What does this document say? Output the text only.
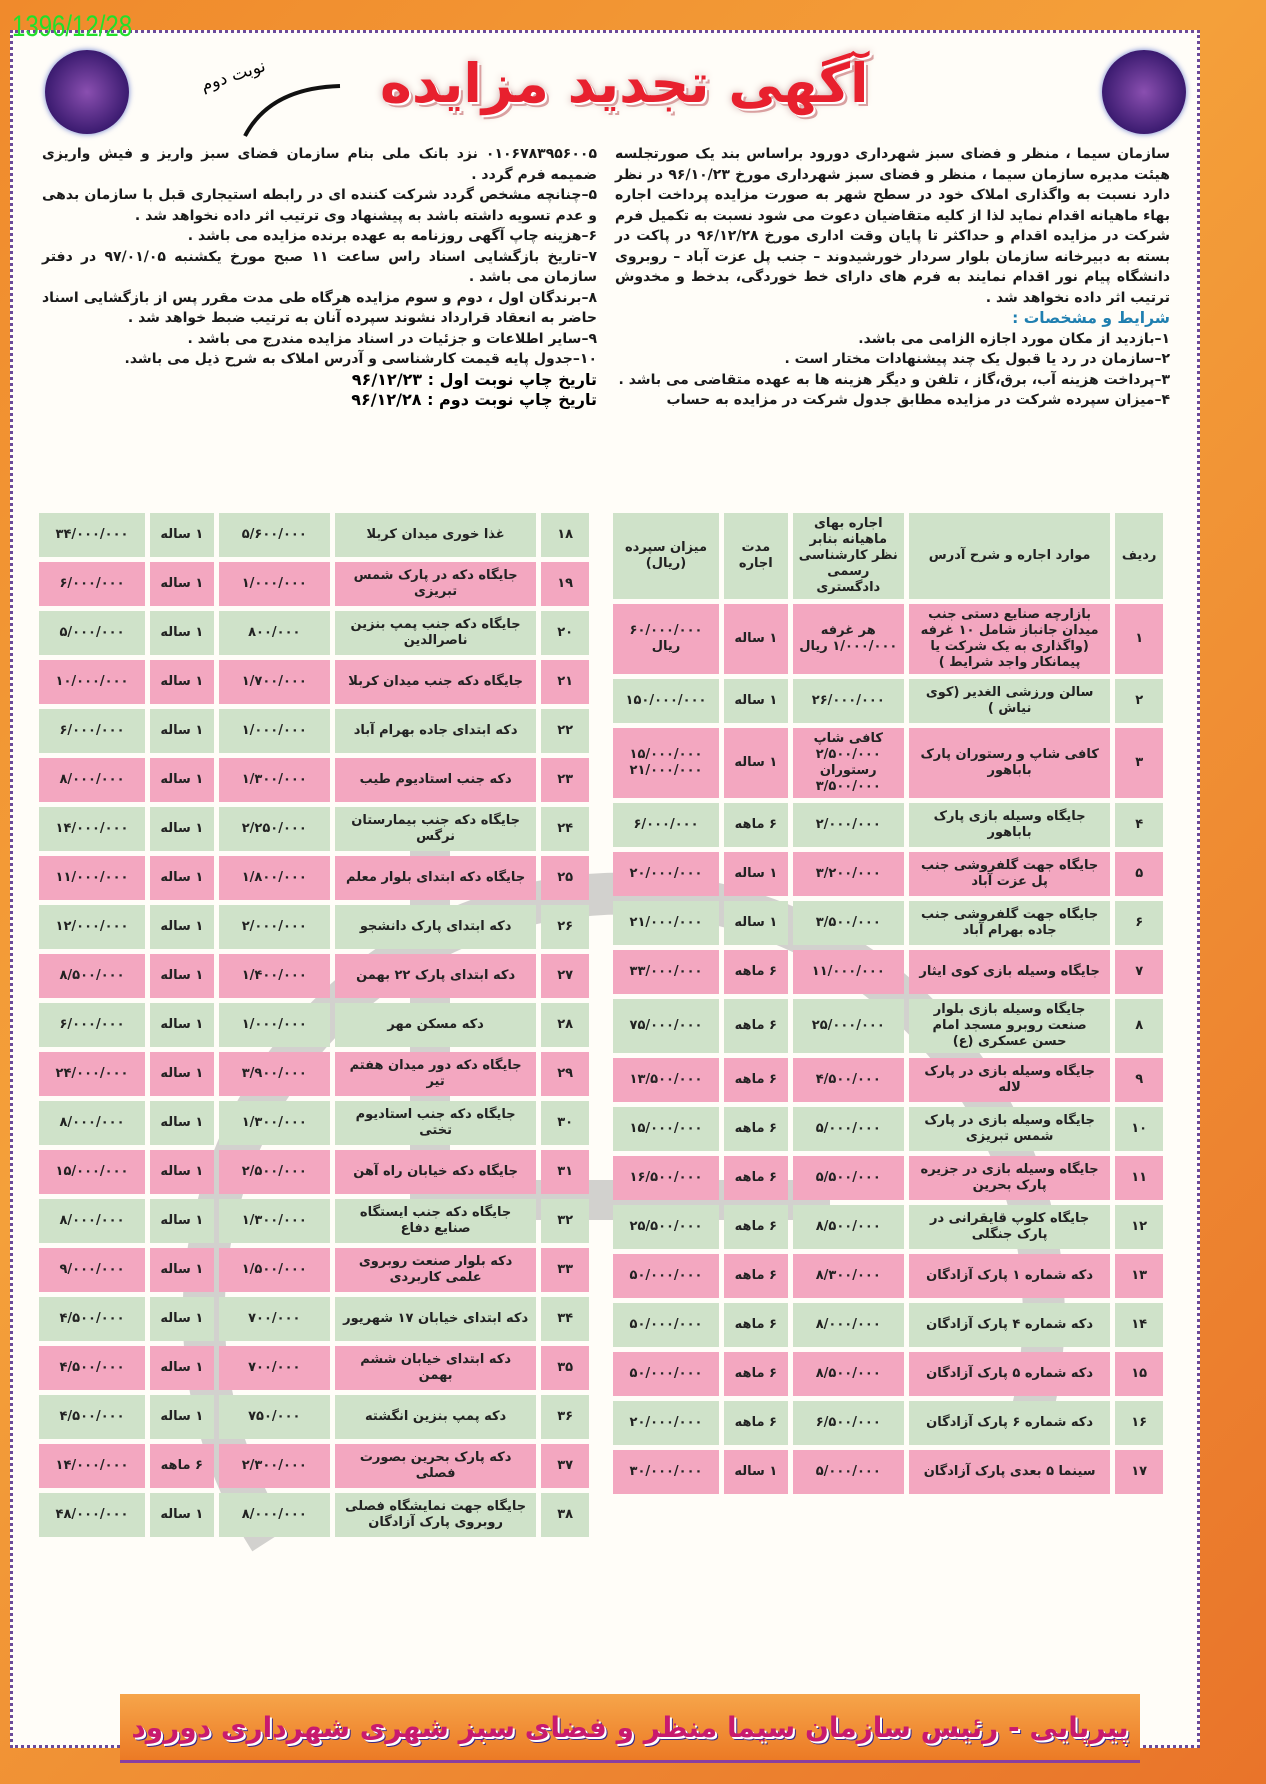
1396/12/28
نوبت دوم آگهی تجدید مزایده

سازمان سیما ، منظر و فضای سبز شهرداری دورود براساس بند یک صورتجلسه هیئت مدیره سازمان سیما ، منظر و فضای سبز شهرداری مورخ ۹۶/۱۰/۲۳ در نظر دارد نسبت به واگذاری املاک خود در سطح شهر به صورت مزایده پرداخت اجاره بهاء ماهیانه اقدام نماید لذا از کلیه متقاضیان دعوت می شود نسبت به تکمیل فرم شرکت در مزایده اقدام و حداکثر تا پایان وقت اداری مورخ ۹۶/۱۲/۲۸ در پاکت در بسته به دبیرخانه سازمان بلوار سردار خورشیدوند – جنب پل عزت آباد – روبروی دانشگاه پیام نور اقدام نمایند به فرم های دارای خط خوردگی، بدخط و مخدوش ترتیب اثر داده نخواهد شد .

شرایط و مشخصات :

۱–بازدید از مکان مورد اجازه الزامی می باشد.

۲–سازمان در رد یا قبول یک چند پیشنهادات مختار است .

۳–پرداخت هزینه آب، برق،گاز ، تلفن و دیگر هزینه ها به عهده متقاضی می باشد .

۴–میزان سپرده شرکت در مزایده مطابق جدول شرکت در مزایده به حساب

۰۱۰۶۷۸۳۹۵۶۰۰۵ نزد بانک ملی بنام سازمان فضای سبز واریز و فیش واریزی ضمیمه فرم گردد .

۵–چنانچه مشخص گردد شرکت کننده ای در رابطه استیجاری قبل با سازمان بدهی و عدم تسویه داشته باشد به پیشنهاد وی ترتیب اثر داده نخواهد شد .

۶–هزینه چاپ آگهی روزنامه به عهده برنده مزایده می باشد .

۷–تاریخ بازگشایی اسناد راس ساعت ۱۱ صبح مورخ یکشنبه ۹۷/۰۱/۰۵ در دفتر سازمان می باشد .

۸–برندگان اول ، دوم و سوم مزایده هرگاه طی مدت مقرر پس از بازگشایی اسناد حاضر به انعقاد قرارداد نشوند سپرده آنان به ترتیب ضبط خواهد شد .

۹–سایر اطلاعات و جزئیات در اسناد مزایده مندرج می باشد .

۱۰–جدول پایه قیمت کارشناسی و آدرس املاک به شرح ذیل می باشد.

تاریخ چاپ نوبت اول : ۹۶/۱۲/۲۳

تاریخ چاپ نوبت دوم : ۹۶/۱۲/۲۸

ردیف	موارد اجاره و شرح آدرس	اجاره بهای ماهیانه بنابر نظر کارشناسی رسمی دادگستری	مدت اجاره	میزان سپرده (ریال)
۱	بازارچه صنایع دستی جنب میدان جانباز شامل ۱۰ غرفه (واگذاری به یک شرکت یا پیمانکار واجد شرایط )	هر غرفه ۱/۰۰۰/۰۰۰ ریال	۱ ساله	۶۰/۰۰۰/۰۰۰ ریال
۲	سالن ورزشی الغدیر (کوی نیاش )	۲۶/۰۰۰/۰۰۰	۱ ساله	۱۵۰/۰۰۰/۰۰۰
۳	کافی شاپ و رستوران پارک باباهور	کافی شاپ ۲/۵۰۰/۰۰۰ رستوران ۳/۵۰۰/۰۰۰	۱ ساله	۱۵/۰۰۰/۰۰۰ ۲۱/۰۰۰/۰۰۰
۴	جایگاه وسیله بازی پارک باباهور	۲/۰۰۰/۰۰۰	۶ ماهه	۶/۰۰۰/۰۰۰
۵	جایگاه جهت گلفروشی جنب پل عزت آباد	۳/۲۰۰/۰۰۰	۱ ساله	۲۰/۰۰۰/۰۰۰
۶	جایگاه جهت گلفروشی جنب جاده بهرام آباد	۳/۵۰۰/۰۰۰	۱ ساله	۲۱/۰۰۰/۰۰۰
۷	جایگاه وسیله بازی کوی ایثار	۱۱/۰۰۰/۰۰۰	۶ ماهه	۳۳/۰۰۰/۰۰۰
۸	جایگاه وسیله بازی بلوار صنعت روبرو مسجد امام حسن عسکری (ع)	۲۵/۰۰۰/۰۰۰	۶ ماهه	۷۵/۰۰۰/۰۰۰
۹	جایگاه وسیله بازی در پارک لاله	۴/۵۰۰/۰۰۰	۶ ماهه	۱۳/۵۰۰/۰۰۰
۱۰	جایگاه وسیله بازی در پارک شمس تبریزی	۵/۰۰۰/۰۰۰	۶ ماهه	۱۵/۰۰۰/۰۰۰
۱۱	جایگاه وسیله بازی در جزیره پارک بحرین	۵/۵۰۰/۰۰۰	۶ ماهه	۱۶/۵۰۰/۰۰۰
۱۲	جایگاه کلوپ قایقرانی در پارک جنگلی	۸/۵۰۰/۰۰۰	۶ ماهه	۲۵/۵۰۰/۰۰۰
۱۳	دکه شماره ۱ پارک آزادگان	۸/۳۰۰/۰۰۰	۶ ماهه	۵۰/۰۰۰/۰۰۰
۱۴	دکه شماره ۴ پارک آزادگان	۸/۰۰۰/۰۰۰	۶ ماهه	۵۰/۰۰۰/۰۰۰
۱۵	دکه شماره ۵ پارک آزادگان	۸/۵۰۰/۰۰۰	۶ ماهه	۵۰/۰۰۰/۰۰۰
۱۶	دکه شماره ۶ پارک آزادگان	۶/۵۰۰/۰۰۰	۶ ماهه	۲۰/۰۰۰/۰۰۰
۱۷	سینما ۵ بعدی پارک آزادگان	۵/۰۰۰/۰۰۰	۱ ساله	۳۰/۰۰۰/۰۰۰
۱۸	غذا خوری میدان کربلا	۵/۶۰۰/۰۰۰	۱ ساله	۳۴/۰۰۰/۰۰۰
۱۹	جایگاه دکه در پارک شمس تبریزی	۱/۰۰۰/۰۰۰	۱ ساله	۶/۰۰۰/۰۰۰
۲۰	جایگاه دکه جنب پمپ بنزین ناصرالدین	۸۰۰/۰۰۰	۱ ساله	۵/۰۰۰/۰۰۰
۲۱	جایگاه دکه جنب میدان کربلا	۱/۷۰۰/۰۰۰	۱ ساله	۱۰/۰۰۰/۰۰۰
۲۲	دکه ابتدای جاده بهرام آباد	۱/۰۰۰/۰۰۰	۱ ساله	۶/۰۰۰/۰۰۰
۲۳	دکه جنب استادیوم طیب	۱/۳۰۰/۰۰۰	۱ ساله	۸/۰۰۰/۰۰۰
۲۴	جایگاه دکه جنب بیمارستان نرگس	۲/۲۵۰/۰۰۰	۱ ساله	۱۴/۰۰۰/۰۰۰
۲۵	جایگاه دکه ابتدای بلوار معلم	۱/۸۰۰/۰۰۰	۱ ساله	۱۱/۰۰۰/۰۰۰
۲۶	دکه ابتدای پارک دانشجو	۲/۰۰۰/۰۰۰	۱ ساله	۱۲/۰۰۰/۰۰۰
۲۷	دکه ابتدای پارک ۲۲ بهمن	۱/۴۰۰/۰۰۰	۱ ساله	۸/۵۰۰/۰۰۰
۲۸	دکه مسکن مهر	۱/۰۰۰/۰۰۰	۱ ساله	۶/۰۰۰/۰۰۰
۲۹	جایگاه دکه دور میدان هفتم تیر	۳/۹۰۰/۰۰۰	۱ ساله	۲۴/۰۰۰/۰۰۰
۳۰	جایگاه دکه جنب استادیوم تختی	۱/۳۰۰/۰۰۰	۱ ساله	۸/۰۰۰/۰۰۰
۳۱	جایگاه دکه خیابان راه آهن	۲/۵۰۰/۰۰۰	۱ ساله	۱۵/۰۰۰/۰۰۰
۳۲	جایگاه دکه جنب ایستگاه صنایع دفاع	۱/۳۰۰/۰۰۰	۱ ساله	۸/۰۰۰/۰۰۰
۳۳	دکه بلوار صنعت روبروی علمی کاربردی	۱/۵۰۰/۰۰۰	۱ ساله	۹/۰۰۰/۰۰۰
۳۴	دکه ابتدای خیابان ۱۷ شهریور	۷۰۰/۰۰۰	۱ ساله	۴/۵۰۰/۰۰۰
۳۵	دکه ابتدای خیابان ششم بهمن	۷۰۰/۰۰۰	۱ ساله	۴/۵۰۰/۰۰۰
۳۶	دکه پمپ بنزین انگشته	۷۵۰/۰۰۰	۱ ساله	۴/۵۰۰/۰۰۰
۳۷	دکه پارک بحرین بصورت فصلی	۲/۳۰۰/۰۰۰	۶ ماهه	۱۴/۰۰۰/۰۰۰
۳۸	جایگاه جهت نمایشگاه فصلی روبروی پارک آزادگان	۸/۰۰۰/۰۰۰	۱ ساله	۴۸/۰۰۰/۰۰۰
پیرپایی - رئیس سازمان سیما منظر و فضای سبز شهری شهرداری دورود
